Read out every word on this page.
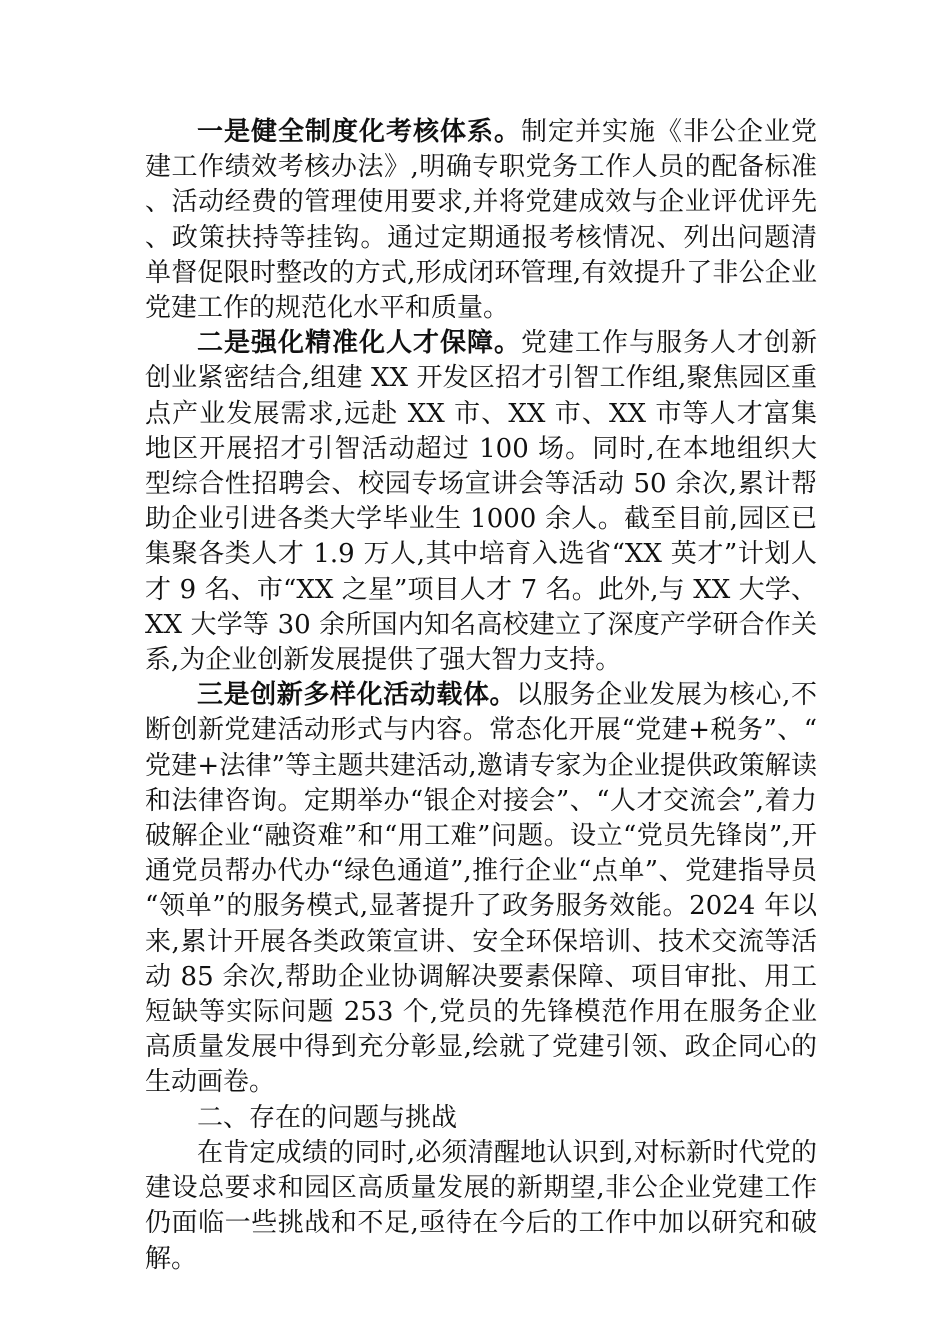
一是健全制度化考核体系。制定并实施《非公企业党建工作绩效考核办法》,明确专职党务工作人员的配备标准、活动经费的管理使用要求,并将党建成效与企业评优评先、政策扶持等挂钩。通过定期通报考核情况、列出问题清单督促限时整改的方式,形成闭环管理,有效提升了非公企业党建工作的规范化水平和质量。

二是强化精准化人才保障。党建工作与服务人才创新创业紧密结合,组建 XX 开发区招才引智工作组,聚焦园区重点产业发展需求,远赴 XX 市、XX 市、XX 市等人才富集地区开展招才引智活动超过 100 场。同时,在本地组织大型综合性招聘会、校园专场宣讲会等活动 50 余次,累计帮助企业引进各类大学毕业生 1000 余人。截至目前,园区已集聚各类人才 1.9 万人,其中培育入选省“XX 英才”计划人才 9 名、市“XX 之星”项目人才 7 名。此外,与 XX 大学、XX 大学等 30 余所国内知名高校建立了深度产学研合作关系,为企业创新发展提供了强大智力支持。

三是创新多样化活动载体。以服务企业发展为核心,不断创新党建活动形式与内容。常态化开展“党建+税务”、“党建+法律”等主题共建活动,邀请专家为企业提供政策解读和法律咨询。定期举办“银企对接会”、“人才交流会”,着力破解企业“融资难”和“用工难”问题。设立“党员先锋岗”,开通党员帮办代办“绿色通道”,推行企业“点单”、党建指导员“领单”的服务模式,显著提升了政务服务效能。2024 年以来,累计开展各类政策宣讲、安全环保培训、技术交流等活动 85 余次,帮助企业协调解决要素保障、项目审批、用工短缺等实际问题 253 个,党员的先锋模范作用在服务企业高质量发展中得到充分彰显,绘就了党建引领、政企同心的生动画卷。

二、存在的问题与挑战

在肯定成绩的同时,必须清醒地认识到,对标新时代党的建设总要求和园区高质量发展的新期望,非公企业党建工作仍面临一些挑战和不足,亟待在今后的工作中加以研究和破解。
